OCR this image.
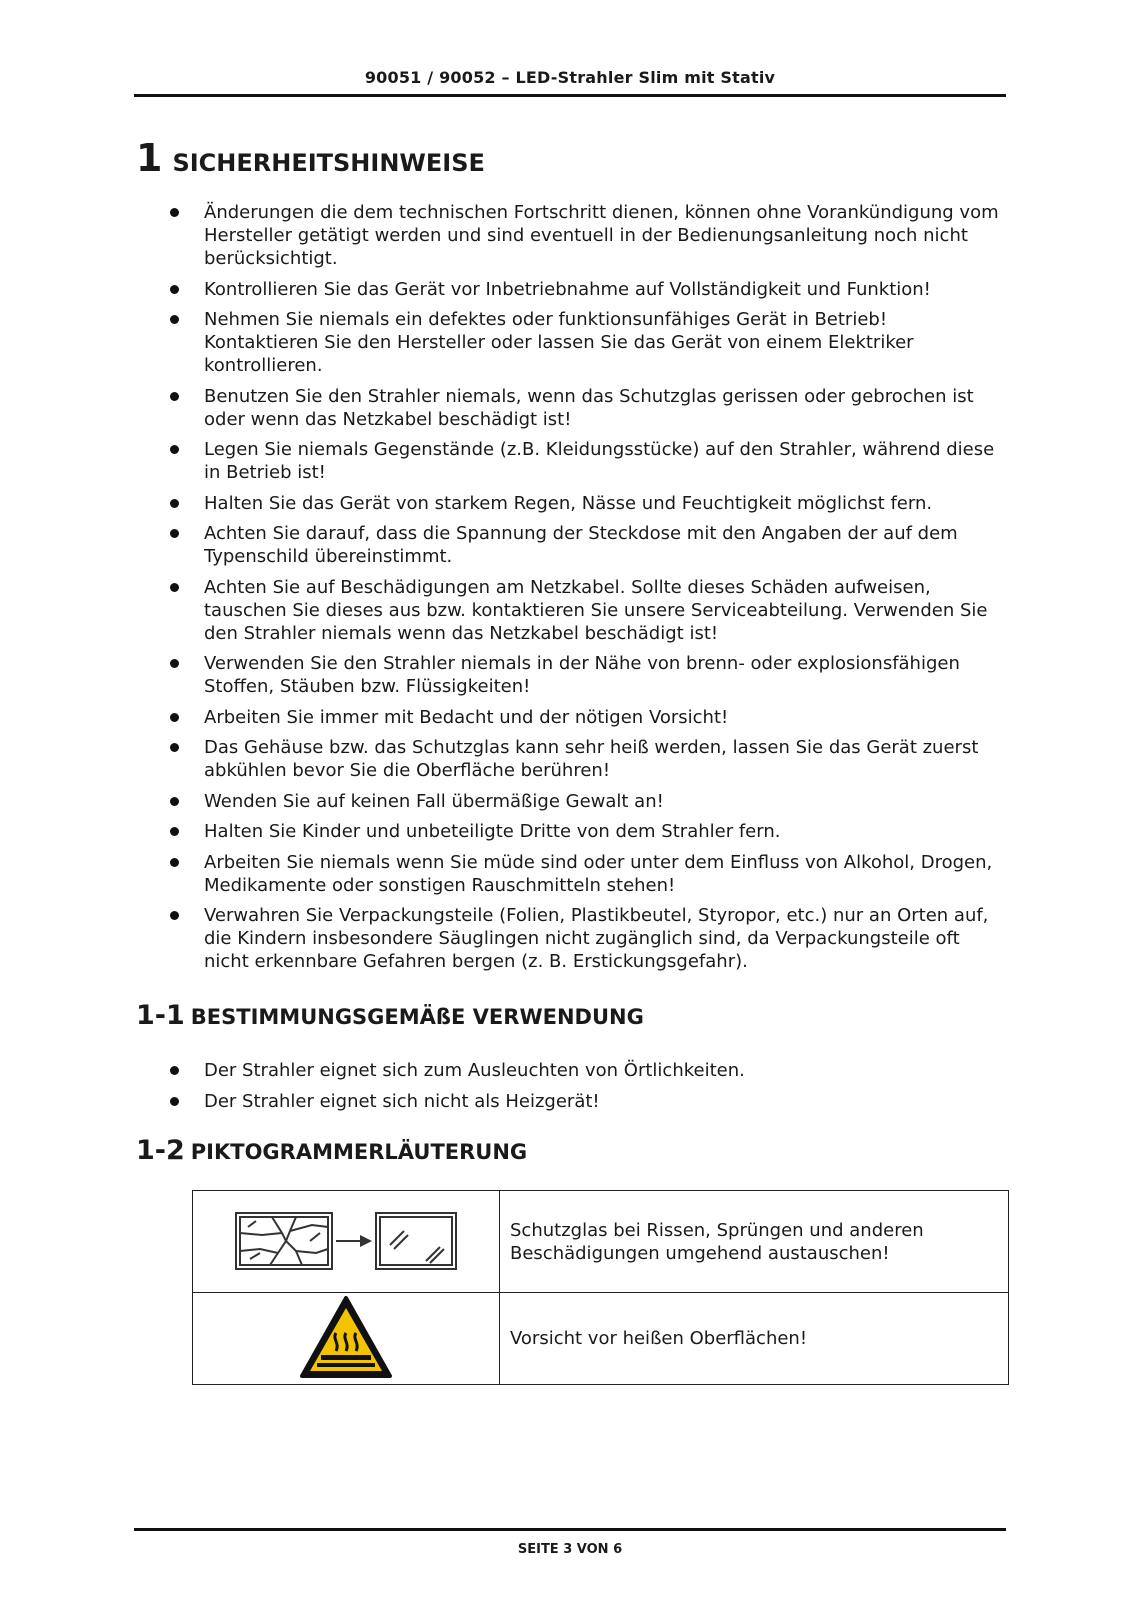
90051 / 90052 – LED-Strahler Slim mit Stativ
1 SICHERHEITSHINWEISE
Änderungen die dem technischen Fortschritt dienen, können ohne Vorankündigung vom Hersteller getätigt werden und sind eventuell in der Bedienungsanleitung noch nicht berücksichtigt.
Kontrollieren Sie das Gerät vor Inbetriebnahme auf Vollständigkeit und Funktion!
Nehmen Sie niemals ein defektes oder funktionsunfähiges Gerät in Betrieb! Kontaktieren Sie den Hersteller oder lassen Sie das Gerät von einem Elektriker kontrollieren.
Benutzen Sie den Strahler niemals, wenn das Schutzglas gerissen oder gebrochen ist oder wenn das Netzkabel beschädigt ist!
Legen Sie niemals Gegenstände (z.B. Kleidungsstücke) auf den Strahler, während diese in Betrieb ist!
Halten Sie das Gerät von starkem Regen, Nässe und Feuchtigkeit möglichst fern.
Achten Sie darauf, dass die Spannung der Steckdose mit den Angaben der auf dem Typenschild übereinstimmt.
Achten Sie auf Beschädigungen am Netzkabel. Sollte dieses Schäden aufweisen, tauschen Sie dieses aus bzw. kontaktieren Sie unsere Serviceabteilung. Verwenden Sie den Strahler niemals wenn das Netzkabel beschädigt ist!
Verwenden Sie den Strahler niemals in der Nähe von brenn- oder explosionsfähigen Stoffen, Stäuben bzw. Flüssigkeiten!
Arbeiten Sie immer mit Bedacht und der nötigen Vorsicht!
Das Gehäuse bzw. das Schutzglas kann sehr heiß werden, lassen Sie das Gerät zuerst abkühlen bevor Sie die Oberfläche berühren!
Wenden Sie auf keinen Fall übermäßige Gewalt an!
Halten Sie Kinder und unbeteiligte Dritte von dem Strahler fern.
Arbeiten Sie niemals wenn Sie müde sind oder unter dem Einfluss von Alkohol, Drogen, Medikamente oder sonstigen Rauschmitteln stehen!
Verwahren Sie Verpackungsteile (Folien, Plastikbeutel, Styropor, etc.) nur an Orten auf, die Kindern insbesondere Säuglingen nicht zugänglich sind, da Verpackungsteile oft nicht erkennbare Gefahren bergen (z. B. Erstickungsgefahr).
1-1 BESTIMMUNGSGEMÄßE VERWENDUNG
Der Strahler eignet sich zum Ausleuchten von Örtlichkeiten.
Der Strahler eignet sich nicht als Heizgerät!
1-2 PIKTOGRAMMERLÄUTERUNG
	Schutzglas bei Rissen, Sprüngen und anderen Beschädigungen umgehend austauschen!
	Vorsicht vor heißen Oberflächen!
SEITE 3 VON 6
